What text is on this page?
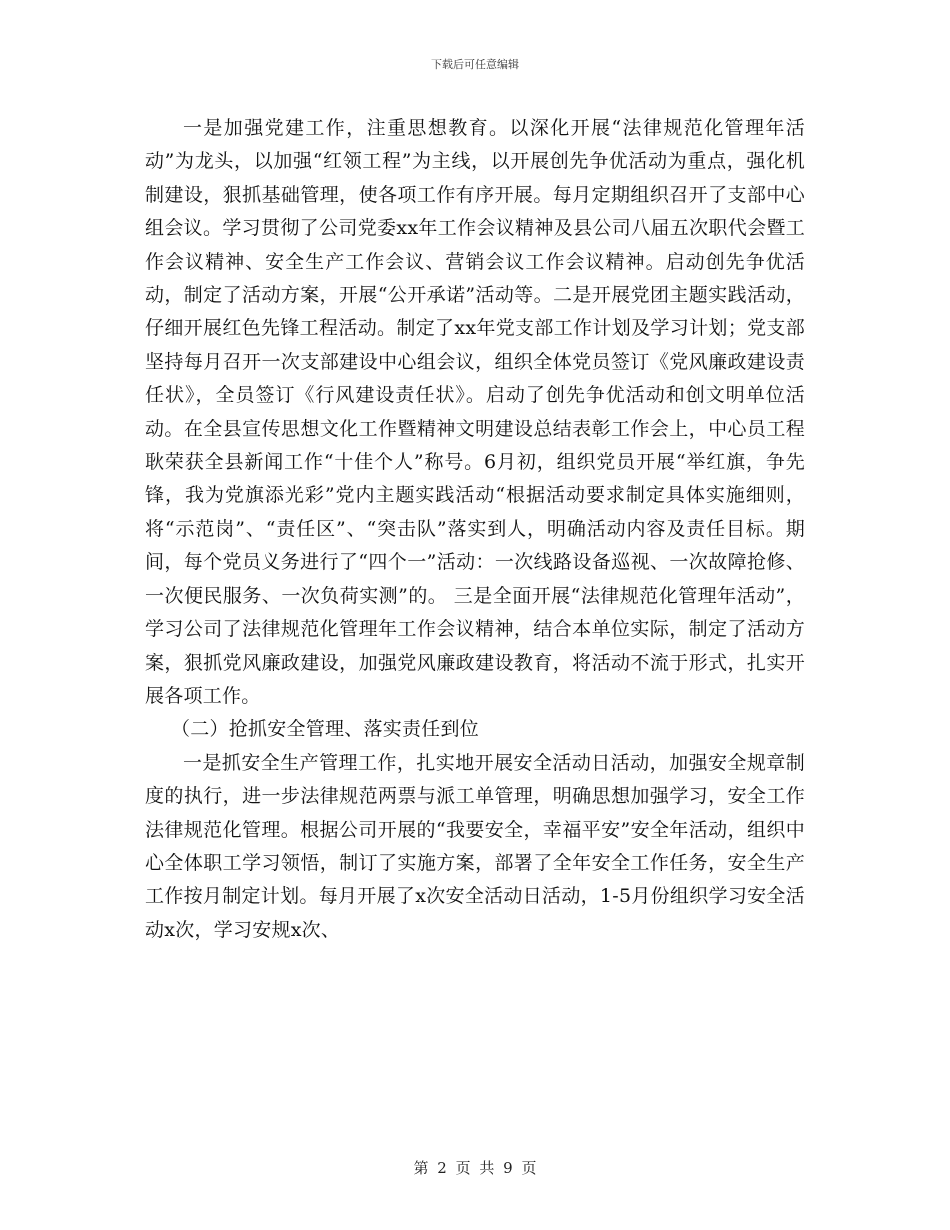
下载后可任意编辑

一是加强党建工作，注重思想教育。以深化开展“法律规范化管理年活动”为龙头，以加强“红领工程”为主线，以开展创先争优活动为重点，强化机制建设，狠抓基础管理，使各项工作有序开展。每月定期组织召开了支部中心组会议。学习贯彻了公司党委xx年工作会议精神及县公司八届五次职代会暨工作会议精神、安全生产工作会议、营销会议工作会议精神。启动创先争优活动，制定了活动方案，开展“公开承诺”活动等。二是开展党团主题实践活动，仔细开展红色先锋工程活动。制定了xx年党支部工作计划及学习计划；党支部坚持每月召开一次支部建设中心组会议，组织全体党员签订《党风廉政建设责任状》，全员签订《行风建设责任状》。启动了创先争优活动和创文明单位活动。在全县宣传思想文化工作暨精神文明建设总结表彰工作会上，中心员工程耿荣获全县新闻工作“十佳个人”称号。6月初，组织党员开展“举红旗，争先锋，我为党旗添光彩”党内主题实践活动“根据活动要求制定具体实施细则，将“示范岗”、“责任区”、“突击队”落实到人，明确活动内容及责任目标。期间，每个党员义务进行了“四个一”活动：一次线路设备巡视、一次故障抢修、一次便民服务、一次负荷实测”的。 三是全面开展“法律规范化管理年活动”，学习公司了法律规范化管理年工作会议精神，结合本单位实际，制定了活动方案，狠抓党风廉政建设，加强党风廉政建设教育，将活动不流于形式，扎实开展各项工作。

（二）抢抓安全管理、落实责任到位

一是抓安全生产管理工作，扎实地开展安全活动日活动，加强安全规章制度的执行，进一步法律规范两票与派工单管理，明确思想加强学习，安全工作法律规范化管理。根据公司开展的“我要安全，幸福平安”安全年活动，组织中心全体职工学习领悟，制订了实施方案，部署了全年安全工作任务，安全生产工作按月制定计划。每月开展了x次安全活动日活动，1-5月份组织学习安全活动x次，学习安规x次、

第 2 页 共 9 页
